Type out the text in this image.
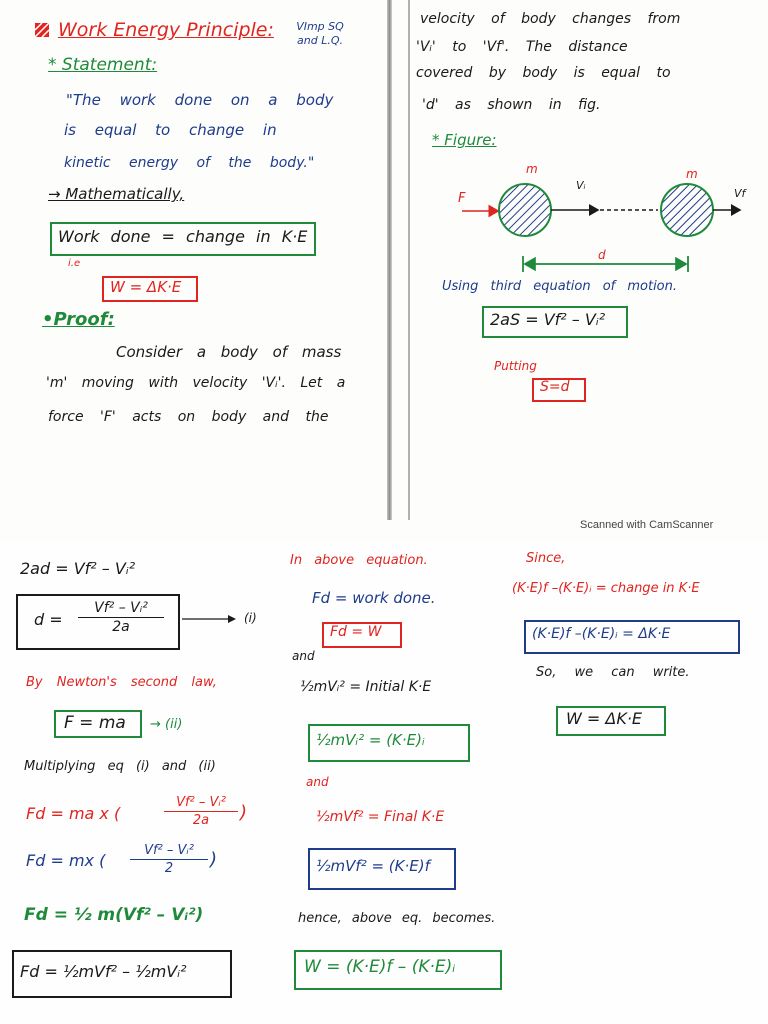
Work Energy Principle:	VImp SQ and L.Q.
* Statement:
"The work done on a body
is equal to change in
kinetic energy of the body."
→ Mathematically,
Work done = change in K·E
i.e
W = ΔK·E
•Proof:
Consider a body of mass
'm' moving with velocity 'Vᵢ'. Let a
force 'F' acts on body and the
velocity of body changes from
'Vᵢ' to 'Vf'. The distance
covered by body is equal to
'd' as shown in fig.
* Figure:
F
m	m
Vᵢ
Vf
d
Using third equation of motion.
2aS = Vf² – Vᵢ²
Putting
S=d
Scanned with CamScanner
2ad = Vf² – Vᵢ²
d =
Vf² – Vᵢ²
2a
(i)
By Newton's second law,
F = ma → (ii)
Multiplying eq (i) and (ii)
Fd = ma x (
Vf² – Vᵢ²
2a	)
Fd = mx (
Vf² – Vᵢ²
2	)
Fd = ½ m(Vf² – Vᵢ²)
Fd = ½mVf² – ½mVᵢ²
In above equation.
Fd = work done.
Fd = W
and
½mVᵢ² = Initial K·E
½mVᵢ² = (K·E)ᵢ
and
½mVf² = Final K·E
½mVf² = (K·E)f
hence, above eq. becomes.
W = (K·E)f – (K·E)ᵢ
Since,
(K·E)f –(K·E)ᵢ = change in K·E
(K·E)f –(K·E)ᵢ = ΔK·E
So, we can write.
W = ΔK·E
